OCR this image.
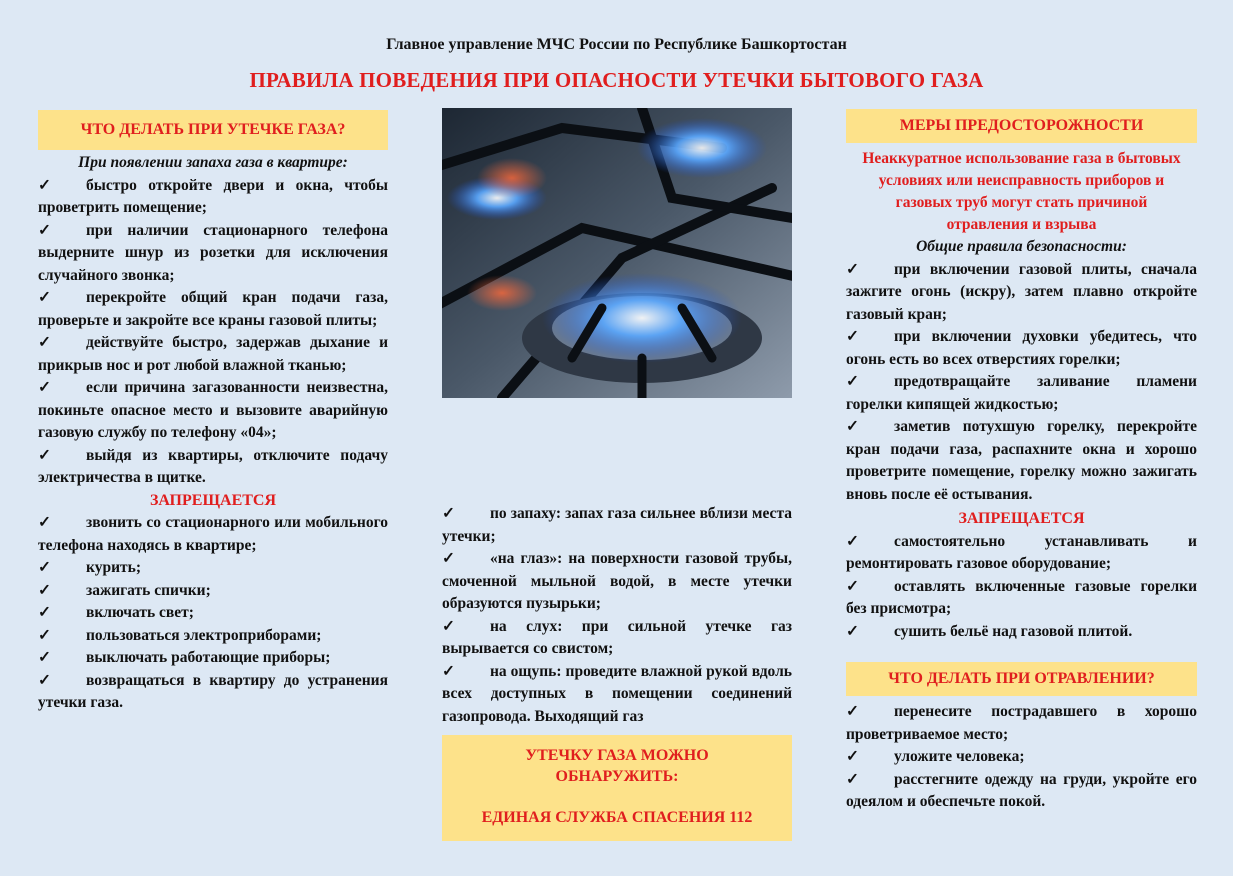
Главное управление МЧС России по Республике Башкортостан
ПРАВИЛА ПОВЕДЕНИЯ ПРИ ОПАСНОСТИ УТЕЧКИ БЫТОВОГО ГАЗА
ЧТО ДЕЛАТЬ ПРИ УТЕЧКЕ ГАЗА?
При появлении запаха газа в квартире:
✓ быстро откройте двери и окна, чтобы проветрить помещение;
✓ при наличии стационарного телефона выдерните шнур из розетки для исключения случайного звонка;
✓ перекройте общий кран подачи газа, проверьте и закройте все краны газовой плиты;
✓ действуйте быстро, задержав дыхание и прикрыв нос и рот любой влажной тканью;
✓ если причина загазованности неизвестна, покиньте опасное место и вызовите аварийную газовую службу по телефону «04»;
✓ выйдя из квартиры, отключите подачу электричества в щитке.
ЗАПРЕЩАЕТСЯ
✓ звонить со стационарного или мобильного телефона находясь в квартире;
✓ курить;
✓ зажигать спички;
✓ включать свет;
✓ пользоваться электроприборами;
✓ выключать работающие приборы;
✓ возвращаться в квартиру до устранения утечки газа.
✓ по запаху: запах газа сильнее вблизи места утечки;
✓ «на глаз»: на поверхности газовой трубы, смоченной мыльной водой, в месте утечки образуются пузырьки;
✓ на слух: при сильной утечке газ вырывается со свистом;
✓ на ощупь: проведите влажной рукой вдоль всех доступных в помещении соединений газопровода. Выходящий газ
УТЕЧКУ ГАЗА МОЖНО
ОБНАРУЖИТЬ:
ЕДИНАЯ СЛУЖБА СПАСЕНИЯ 112
МЕРЫ ПРЕДОСТОРОЖНОСТИ
Неаккуратное использование газа в бытовых условиях или неисправность приборов и газовых труб могут стать причиной отравления и взрыва
Общие правила безопасности:
✓ при включении газовой плиты, сначала зажгите огонь (искру), затем плавно откройте газовый кран;
✓ при включении духовки убедитесь, что огонь есть во всех отверстиях горелки;
✓ предотвращайте заливание пламени горелки кипящей жидкостью;
✓ заметив потухшую горелку, перекройте кран подачи газа, распахните окна и хорошо проветрите помещение, горелку можно зажигать вновь после её остывания.
ЗАПРЕЩАЕТСЯ
✓ самостоятельно устанавливать и ремонтировать газовое оборудование;
✓ оставлять включенные газовые горелки без присмотра;
✓ сушить бельё над газовой плитой.
ЧТО ДЕЛАТЬ ПРИ ОТРАВЛЕНИИ?
✓ перенесите пострадавшего в хорошо проветриваемое место;
✓ уложите человека;
✓ расстегните одежду на груди, укройте его одеялом и обеспечьте покой.
